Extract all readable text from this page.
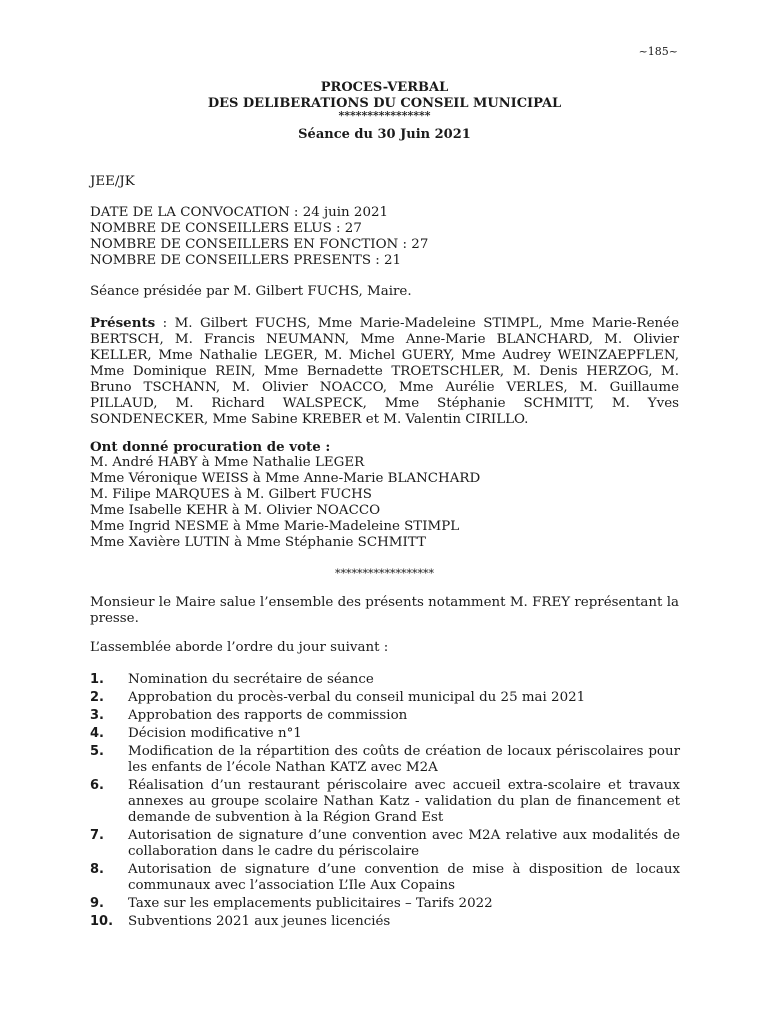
~185~
PROCES-VERBAL
DES DELIBERATIONS DU CONSEIL MUNICIPAL
****************
Séance du 30 Juin 2021
JEE/JK
DATE DE LA CONVOCATION : 24 juin 2021
NOMBRE DE CONSEILLERS ELUS : 27
NOMBRE DE CONSEILLERS EN FONCTION : 27
NOMBRE DE CONSEILLERS PRESENTS : 21
Séance présidée par M. Gilbert FUCHS, Maire.
Présents : M. Gilbert FUCHS, Mme Marie-Madeleine STIMPL, Mme Marie-Renée BERTSCH, M. Francis NEUMANN, Mme Anne-Marie BLANCHARD, M. Olivier KELLER, Mme Nathalie LEGER, M. Michel GUERY, Mme Audrey WEINZAEPFLEN, Mme Dominique REIN, Mme Bernadette TROETSCHLER, M. Denis HERZOG, M. Bruno TSCHANN, M. Olivier NOACCO, Mme Aurélie VERLES, M. Guillaume PILLAUD, M. Richard WALSPECK, Mme Stéphanie SCHMITT, M. Yves SONDENECKER, Mme Sabine KREBER et M. Valentin CIRILLO.
Ont donné procuration de vote :
M. André HABY à Mme Nathalie LEGER
Mme Véronique WEISS à Mme Anne-Marie BLANCHARD
M. Filipe MARQUES à M. Gilbert FUCHS
Mme Isabelle KEHR à M. Olivier NOACCO
Mme Ingrid NESME à Mme Marie-Madeleine STIMPL
Mme Xavière LUTIN à Mme Stéphanie SCHMITT
******************
Monsieur le Maire salue l’ensemble des présents notamment M. FREY représentant la presse.
L’assemblée aborde l’ordre du jour suivant :
1.	Nomination du secrétaire de séance
2.	Approbation du procès-verbal du conseil municipal du 25 mai 2021
3.	Approbation des rapports de commission
4.	Décision modificative n°1
5.	Modification de la répartition des coûts de création de locaux périscolaires pour les enfants de l’école Nathan KATZ avec M2A
6.	Réalisation d’un restaurant périscolaire avec accueil extra-scolaire et travaux annexes au groupe scolaire Nathan Katz - validation du plan de financement et demande de subvention à la Région Grand Est
7.	Autorisation de signature d’une convention avec M2A relative aux modalités de collaboration dans le cadre du périscolaire
8.	Autorisation de signature d’une convention de mise à disposition de locaux communaux avec l’association L’Ile Aux Copains
9.	Taxe sur les emplacements publicitaires – Tarifs 2022
10.	Subventions 2021 aux jeunes licenciés
